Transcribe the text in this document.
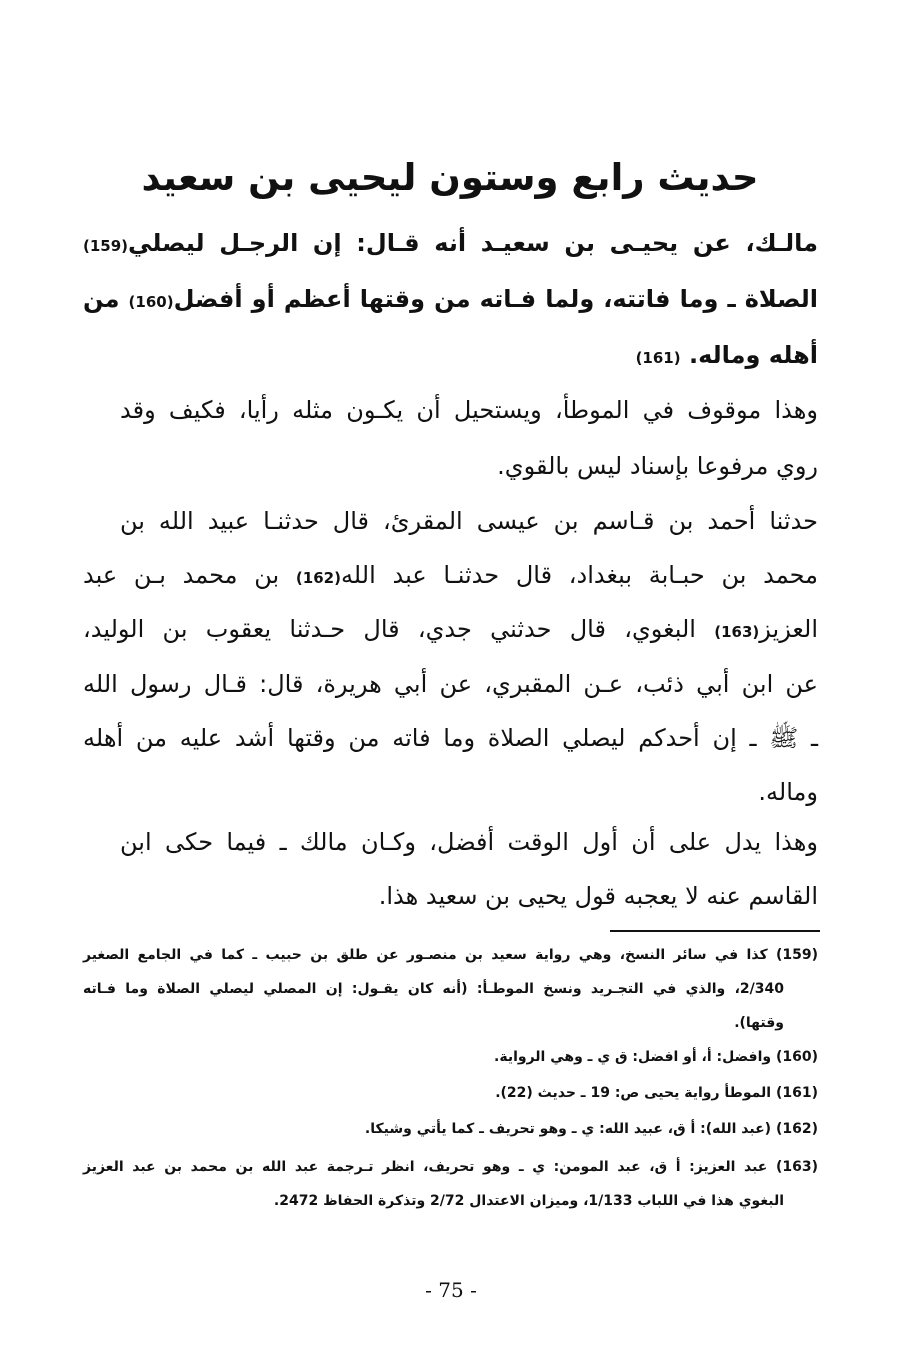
حديث رابع وستون ليحيى بن سعيد
مالـك، عن يحيـى بن سعيـد أنه قـال: إن الرجـل ليصلي(159)
الصلاة ـ وما فاتته، ولما فـاته من وقتها أعظم أو أفضل(160) من
أهله وماله. (161)
وهذا موقوف في الموطأ، ويستحيل أن يكـون مثله رأيا، فكيف وقد
روي مرفوعا بإسناد ليس بالقوي.
حدثنا أحمد بن قـاسم بن عيسى المقرئ، قال حدثنـا عبيد الله بن
محمد بن حبـابة ببغداد، قال حدثنـا عبد الله(162) بن محمد بـن عبد
العزيز(163) البغوي، قال حدثني جدي، قال حـدثنا يعقوب بن الوليد،
عن ابن أبي ذئب، عـن المقبري، عن أبي هريرة، قال: قـال رسول الله
ـ ﷺ ـ إن أحدكم ليصلي الصلاة وما فاته من وقتها أشد عليه من أهله
وماله.
وهذا يدل على أن أول الوقت أفضل، وكـان مالك ـ فيما حكى ابن
القاسم عنه لا يعجبه قول يحيى بن سعيد هذا.
(159) كذا في سائر النسخ، وهي رواية سعيد بن منصـور عن طلق بن حبيب ـ كما في الجامع الصغير
2/340، والذي في التجـريد ونسخ الموطـأ: (أنه كان يقـول: إن المصلي ليصلي الصلاة وما فـاته
وقتها).
(160) وافضل: أ، أو افضل: ق ي ـ وهي الرواية.
(161) الموطأ رواية يحيى ص: 19 ـ حديث (22).
(162) (عبد الله): أ ق، عبيد الله: ي ـ وهو تحريف ـ كما يأتي وشيكا.
(163) عبد العزيز: أ ق، عبد المومن: ي ـ وهو تحريف، انظر تـرجمة عبد الله بن محمد بن عبد العزيز
البغوي هذا في اللباب 1/133، وميزان الاعتدال 2/72 وتذكرة الحفاظ 2472.
- 75 -
